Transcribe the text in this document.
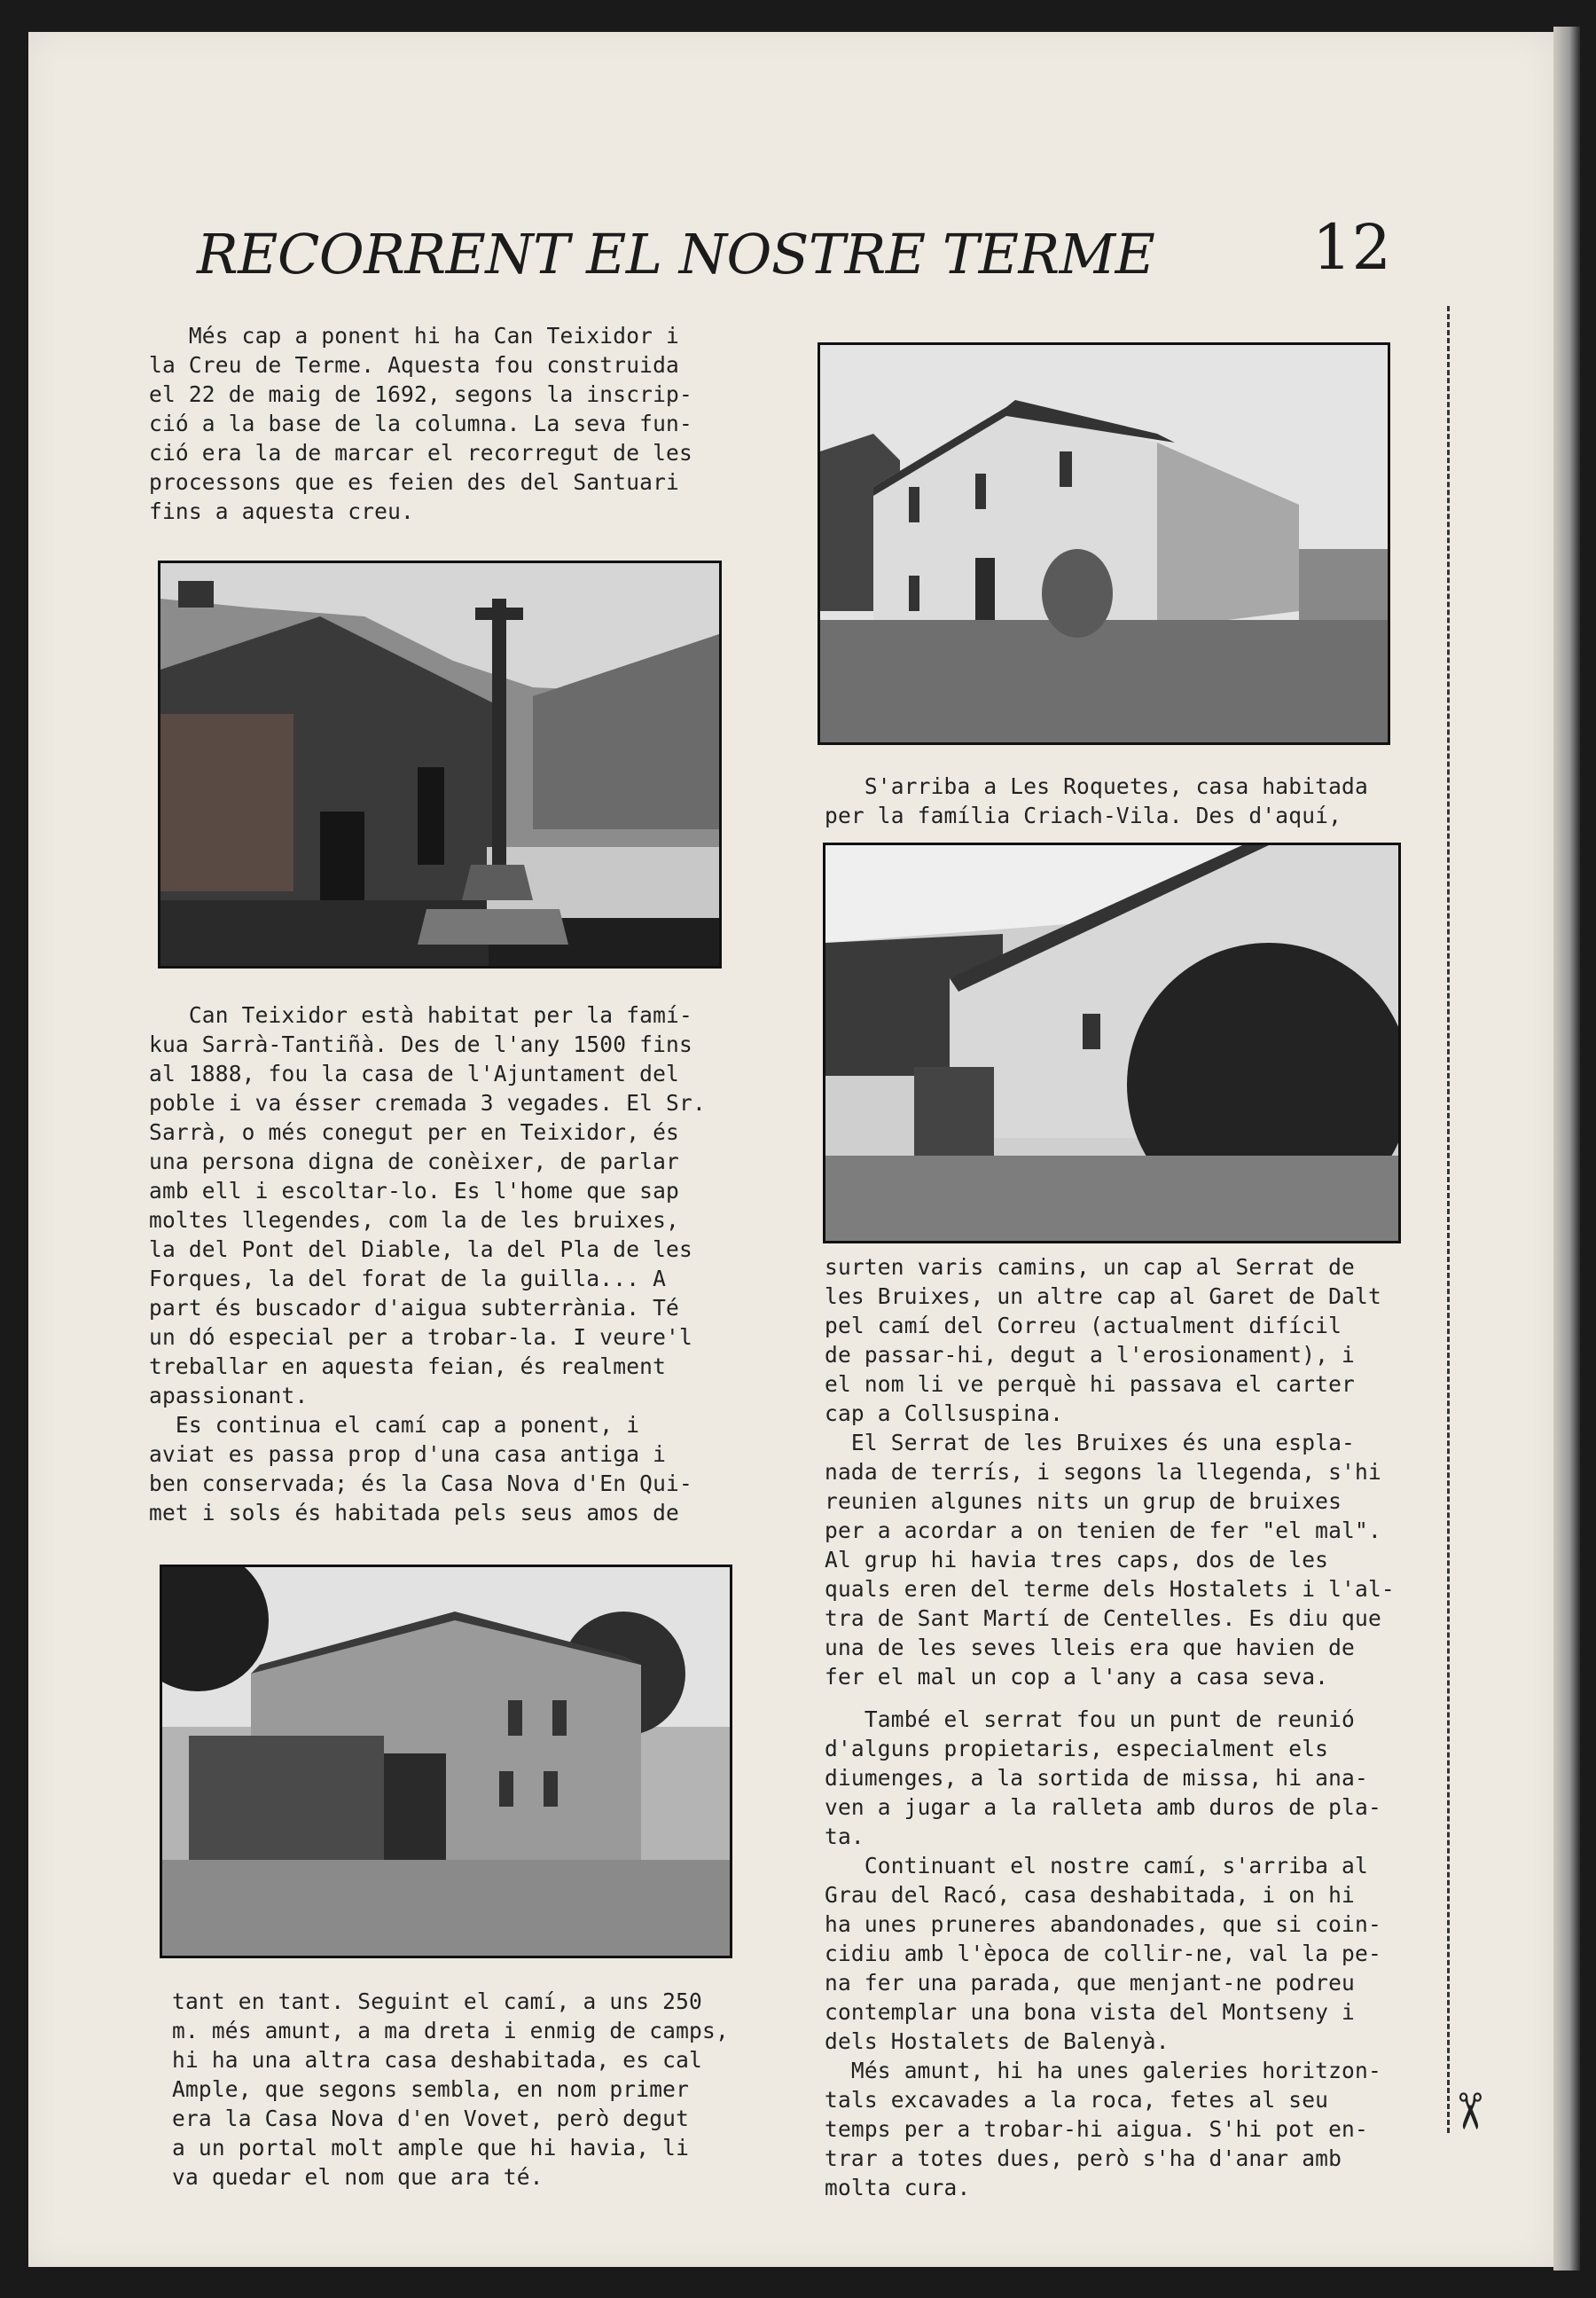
RECORRENT EL NOSTRE TERME	12

Més cap a ponent hi ha Can Teixidor i

la Creu de Terme. Aquesta fou construida

el 22 de maig de 1692, segons la inscrip-

ció a la base de la columna. La seva fun-

ció era la de marcar el recorregut de les

processons que es feien des del Santuari

fins a aquesta creu.

Can Teixidor està habitat per la famí-

kua Sarrà-Tantiñà. Des de l'any 1500 fins

al 1888, fou la casa de l'Ajuntament del

poble i va ésser cremada 3 vegades. El Sr.

Sarrà, o més conegut per en Teixidor, és

una persona digna de conèixer, de parlar

amb ell i escoltar-lo. Es l'home que sap

moltes llegendes, com la de les bruixes,

la del Pont del Diable, la del Pla de les

Forques, la del forat de la guilla... A

part és buscador d'aigua subterrània. Té

un dó especial per a trobar-la. I veure'l

treballar en aquesta feian, és realment

apassionant.

Es continua el camí cap a ponent, i

aviat es passa prop d'una casa antiga i

ben conservada; és la Casa Nova d'En Qui-

met i sols és habitada pels seus amos de

tant en tant. Seguint el camí, a uns 250

m. més amunt, a ma dreta i enmig de camps,

hi ha una altra casa deshabitada, es cal

Ample, que segons sembla, en nom primer

era la Casa Nova d'en Vovet, però degut

a un portal molt ample que hi havia, li

va quedar el nom que ara té.

S'arriba a Les Roquetes, casa habitada

per la família Criach-Vila. Des d'aquí,

surten varis camins, un cap al Serrat de

les Bruixes, un altre cap al Garet de Dalt

pel camí del Correu (actualment difícil

de passar-hi, degut a l'erosionament), i

el nom li ve perquè hi passava el carter

cap a Collsuspina.

El Serrat de les Bruixes és una espla-

nada de terrís, i segons la llegenda, s'hi

reunien algunes nits un grup de bruixes

per a acordar a on tenien de fer "el mal".

Al grup hi havia tres caps, dos de les

quals eren del terme dels Hostalets i l'al-

tra de Sant Martí de Centelles. Es diu que

una de les seves lleis era que havien de

fer el mal un cop a l'any a casa seva.

També el serrat fou un punt de reunió

d'alguns propietaris, especialment els

diumenges, a la sortida de missa, hi ana-

ven a jugar a la ralleta amb duros de pla-

ta.

Continuant el nostre camí, s'arriba al

Grau del Racó, casa deshabitada, i on hi

ha unes pruneres abandonades, que si coin-

cidiu amb l'època de collir-ne, val la pe-

na fer una parada, que menjant-ne podreu

contemplar una bona vista del Montseny i

dels Hostalets de Balenyà.

Més amunt, hi ha unes galeries horitzon-

tals excavades a la roca, fetes al seu

temps per a trobar-hi aigua. S'hi pot en-

trar a totes dues, però s'ha d'anar amb

molta cura.

✂
